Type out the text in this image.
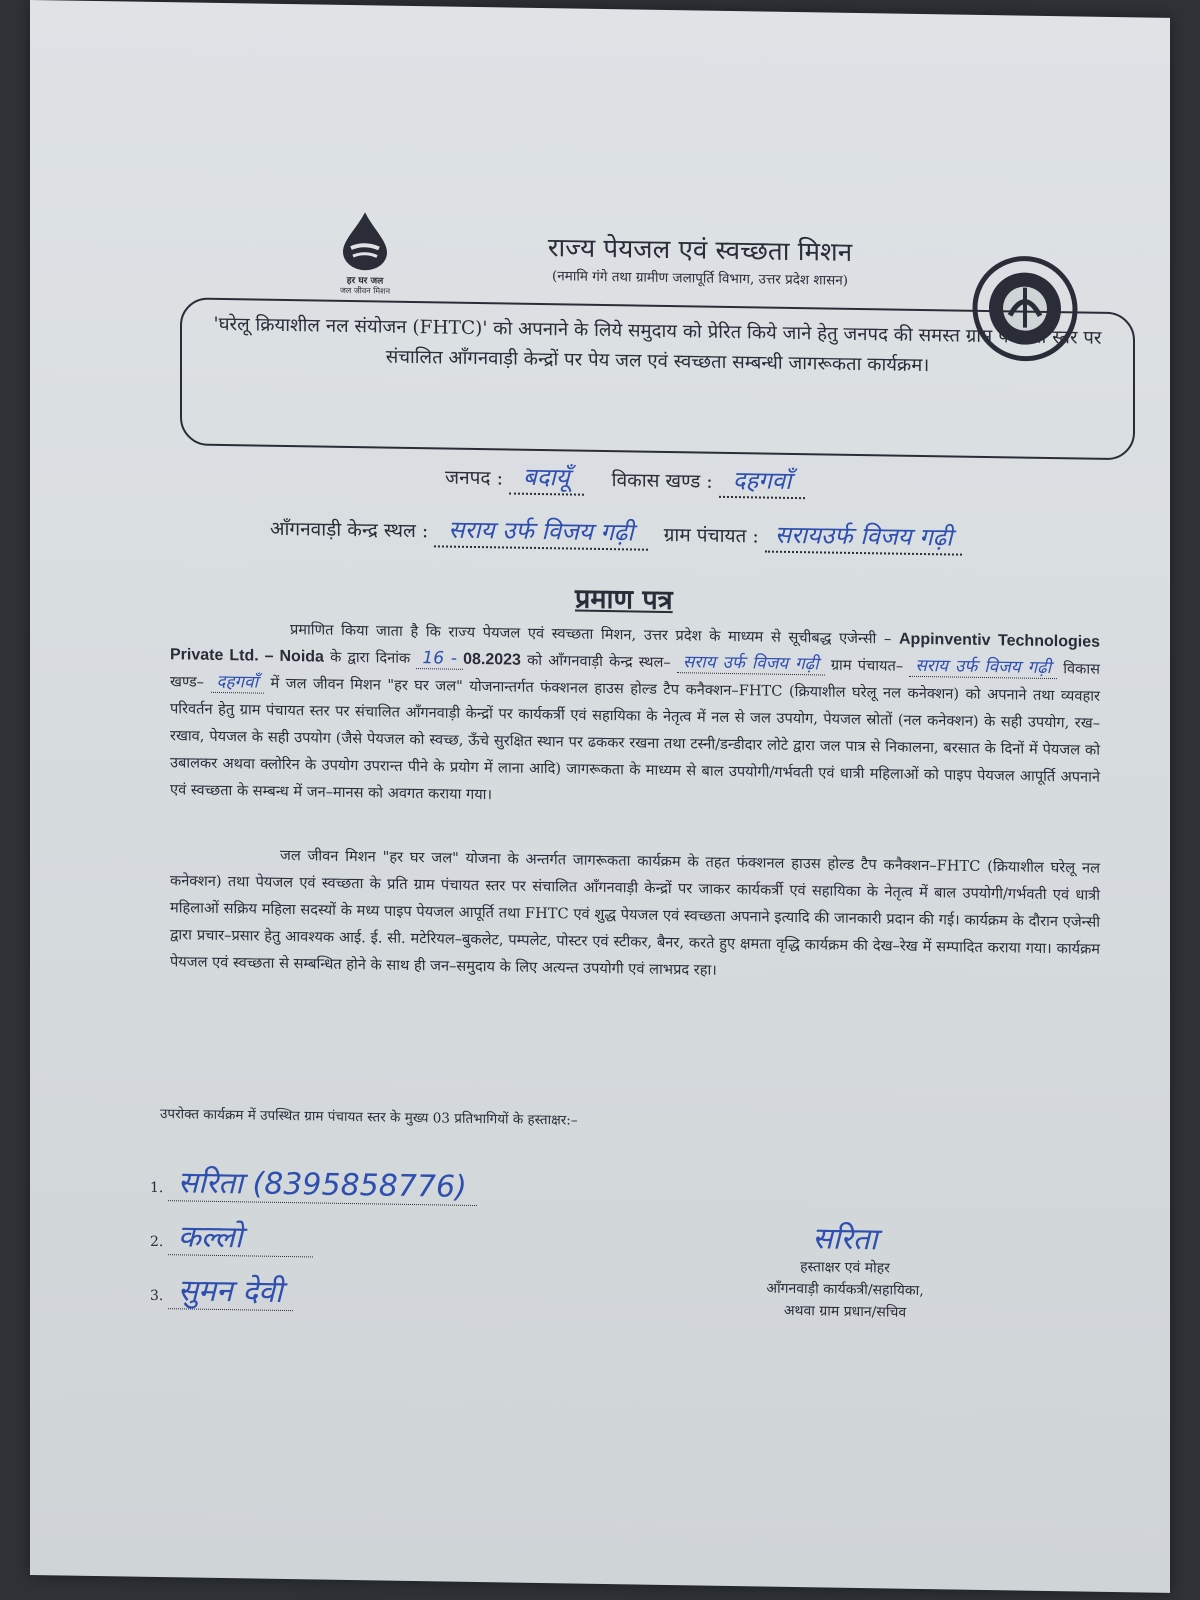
हर घर जल
जल जीवन मिशन
राज्य पेयजल एवं स्वच्छता मिशन
(नमामि गंगे तथा ग्रामीण जलापूर्ति विभाग, उत्तर प्रदेश शासन)
'घरेलू क्रियाशील नल संयोजन (FHTC)' को अपनाने के लिये समुदाय को प्रेरित किये जाने हेतु जनपद की समस्त ग्राम पंचायत स्तर पर संचालित आँगनवाड़ी केन्द्रों पर पेय जल एवं स्वच्छता सम्बन्धी जागरूकता कार्यक्रम।
जनपद : बदायूँ विकास खण्ड : दहगवाँ
आँगनवाड़ी केन्द्र स्थल : सराय उर्फ विजय गढ़ी ग्राम पंचायत : सरायउर्फ विजय गढ़ी
प्रमाण पत्र
प्रमाणित किया जाता है कि राज्य पेयजल एवं स्वच्छता मिशन, उत्तर प्रदेश के माध्यम से सूचीबद्ध एजेन्सी – Appinventiv Technologies Private Ltd. – Noida के द्वारा दिनांक 16 - 08.2023 को आँगनवाड़ी केन्द्र स्थल– सराय उर्फ विजय गढ़ी ग्राम पंचायत– सराय उर्फ विजय गढ़ी विकास खण्ड– दहगवाँ में जल जीवन मिशन "हर घर जल" योजनान्तर्गत फंक्शनल हाउस होल्ड टैप कनैक्शन–FHTC (क्रियाशील घरेलू नल कनेक्शन) को अपनाने तथा व्यवहार परिवर्तन हेतु ग्राम पंचायत स्तर पर संचालित आँगनवाड़ी केन्द्रों पर कार्यकर्त्री एवं सहायिका के नेतृत्व में नल से जल उपयोग, पेयजल स्रोतों (नल कनेक्शन) के सही उपयोग, रख–रखाव, पेयजल के सही उपयोग (जैसे पेयजल को स्वच्छ, ऊँचे सुरक्षित स्थान पर ढककर रखना तथा टस्नी/डन्डीदार लोटे द्वारा जल पात्र से निकालना, बरसात के दिनों में पेयजल को उबालकर अथवा क्लोरिन के उपयोग उपरान्त पीने के प्रयोग में लाना आदि) जागरूकता के माध्यम से बाल उपयोगी/गर्भवती एवं धात्री महिलाओं को पाइप पेयजल आपूर्ति अपनाने एवं स्वच्छता के सम्बन्ध में जन–मानस को अवगत कराया गया।
जल जीवन मिशन "हर घर जल" योजना के अन्तर्गत जागरूकता कार्यक्रम के तहत फंक्शनल हाउस होल्ड टैप कनैक्शन–FHTC (क्रियाशील घरेलू नल कनेक्शन) तथा पेयजल एवं स्वच्छता के प्रति ग्राम पंचायत स्तर पर संचालित आँगनवाड़ी केन्द्रों पर जाकर कार्यकर्त्री एवं सहायिका के नेतृत्व में बाल उपयोगी/गर्भवती एवं धात्री महिलाओं सक्रिय महिला सदस्यों के मध्य पाइप पेयजल आपूर्ति तथा FHTC एवं शुद्ध पेयजल एवं स्वच्छता अपनाने इत्यादि की जानकारी प्रदान की गई। कार्यक्रम के दौरान एजेन्सी द्वारा प्रचार–प्रसार हेतु आवश्यक आई. ई. सी. मटेरियल–बुकलेट, पम्पलेट, पोस्टर एवं स्टीकर, बैनर, करते हुए क्षमता वृद्धि कार्यक्रम की देख–रेख में सम्पादित कराया गया। कार्यक्रम पेयजल एवं स्वच्छता से सम्बन्धित होने के साथ ही जन–समुदाय के लिए अत्यन्त उपयोगी एवं लाभप्रद रहा।
उपरोक्त कार्यक्रम में उपस्थित ग्राम पंचायत स्तर के मुख्य 03 प्रतिभागियों के हस्ताक्षर:–
1. सरिता (8395858776)
2. कल्लो
3. सुमन देवी
सरिता
हस्ताक्षर एवं मोहर
आँगनवाड़ी कार्यकत्री/सहायिका,
अथवा ग्राम प्रधान/सचिव
